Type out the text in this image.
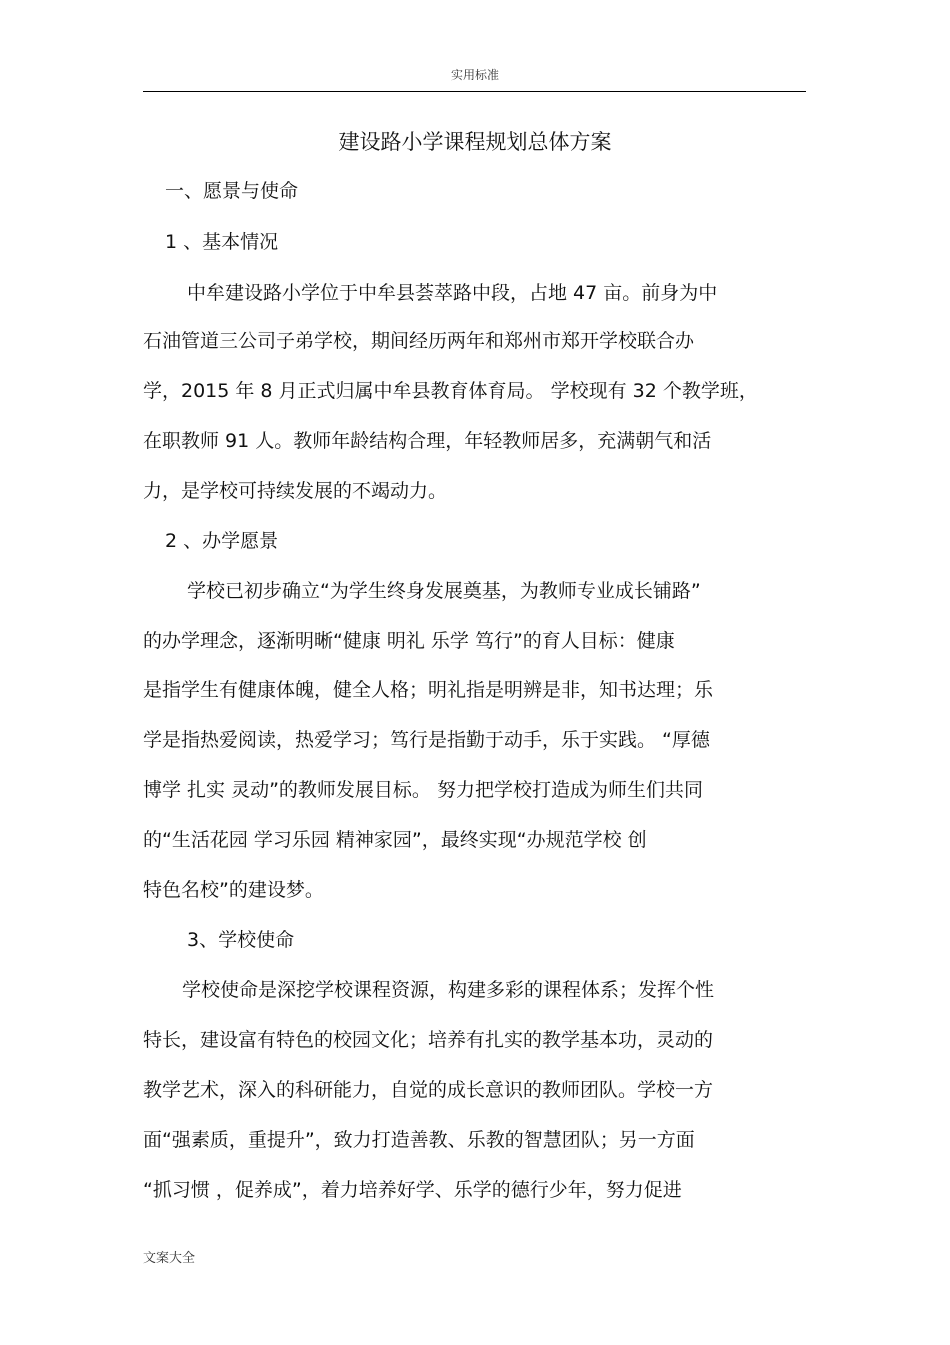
实用标准
建设路小学课程规划总体方案
一、愿景与使命
1 、基本情况
中牟建设路小学位于中牟县荟萃路中段，占地 47 亩。前身为中
石油管道三公司子弟学校，期间经历两年和郑州市郑开学校联合办
学，2015 年 8 月正式归属中牟县教育体育局。 学校现有 32 个教学班，
在职教师 91 人。教师年龄结构合理，年轻教师居多，充满朝气和活
力，是学校可持续发展的不竭动力。
2 、办学愿景
学校已初步确立“为学生终身发展奠基，为教师专业成长铺路”
的办学理念，逐渐明晰“健康 明礼 乐学 笃行”的育人目标：健康
是指学生有健康体魄，健全人格；明礼指是明辨是非，知书达理；乐
学是指热爱阅读，热爱学习；笃行是指勤于动手，乐于实践。 “厚德
博学 扎实 灵动”的教师发展目标。 努力把学校打造成为师生们共同
的“生活花园 学习乐园 精神家园”，最终实现“办规范学校 创
特色名校”的建设梦。
3、学校使命
学校使命是深挖学校课程资源，构建多彩的课程体系；发挥个性
特长，建设富有特色的校园文化；培养有扎实的教学基本功，灵动的
教学艺术，深入的科研能力，自觉的成长意识的教师团队。学校一方
面“强素质，重提升”，致力打造善教、乐教的智慧团队；另一方面
“抓习惯 ，促养成”，着力培养好学、乐学的德行少年，努力促进
文案大全
